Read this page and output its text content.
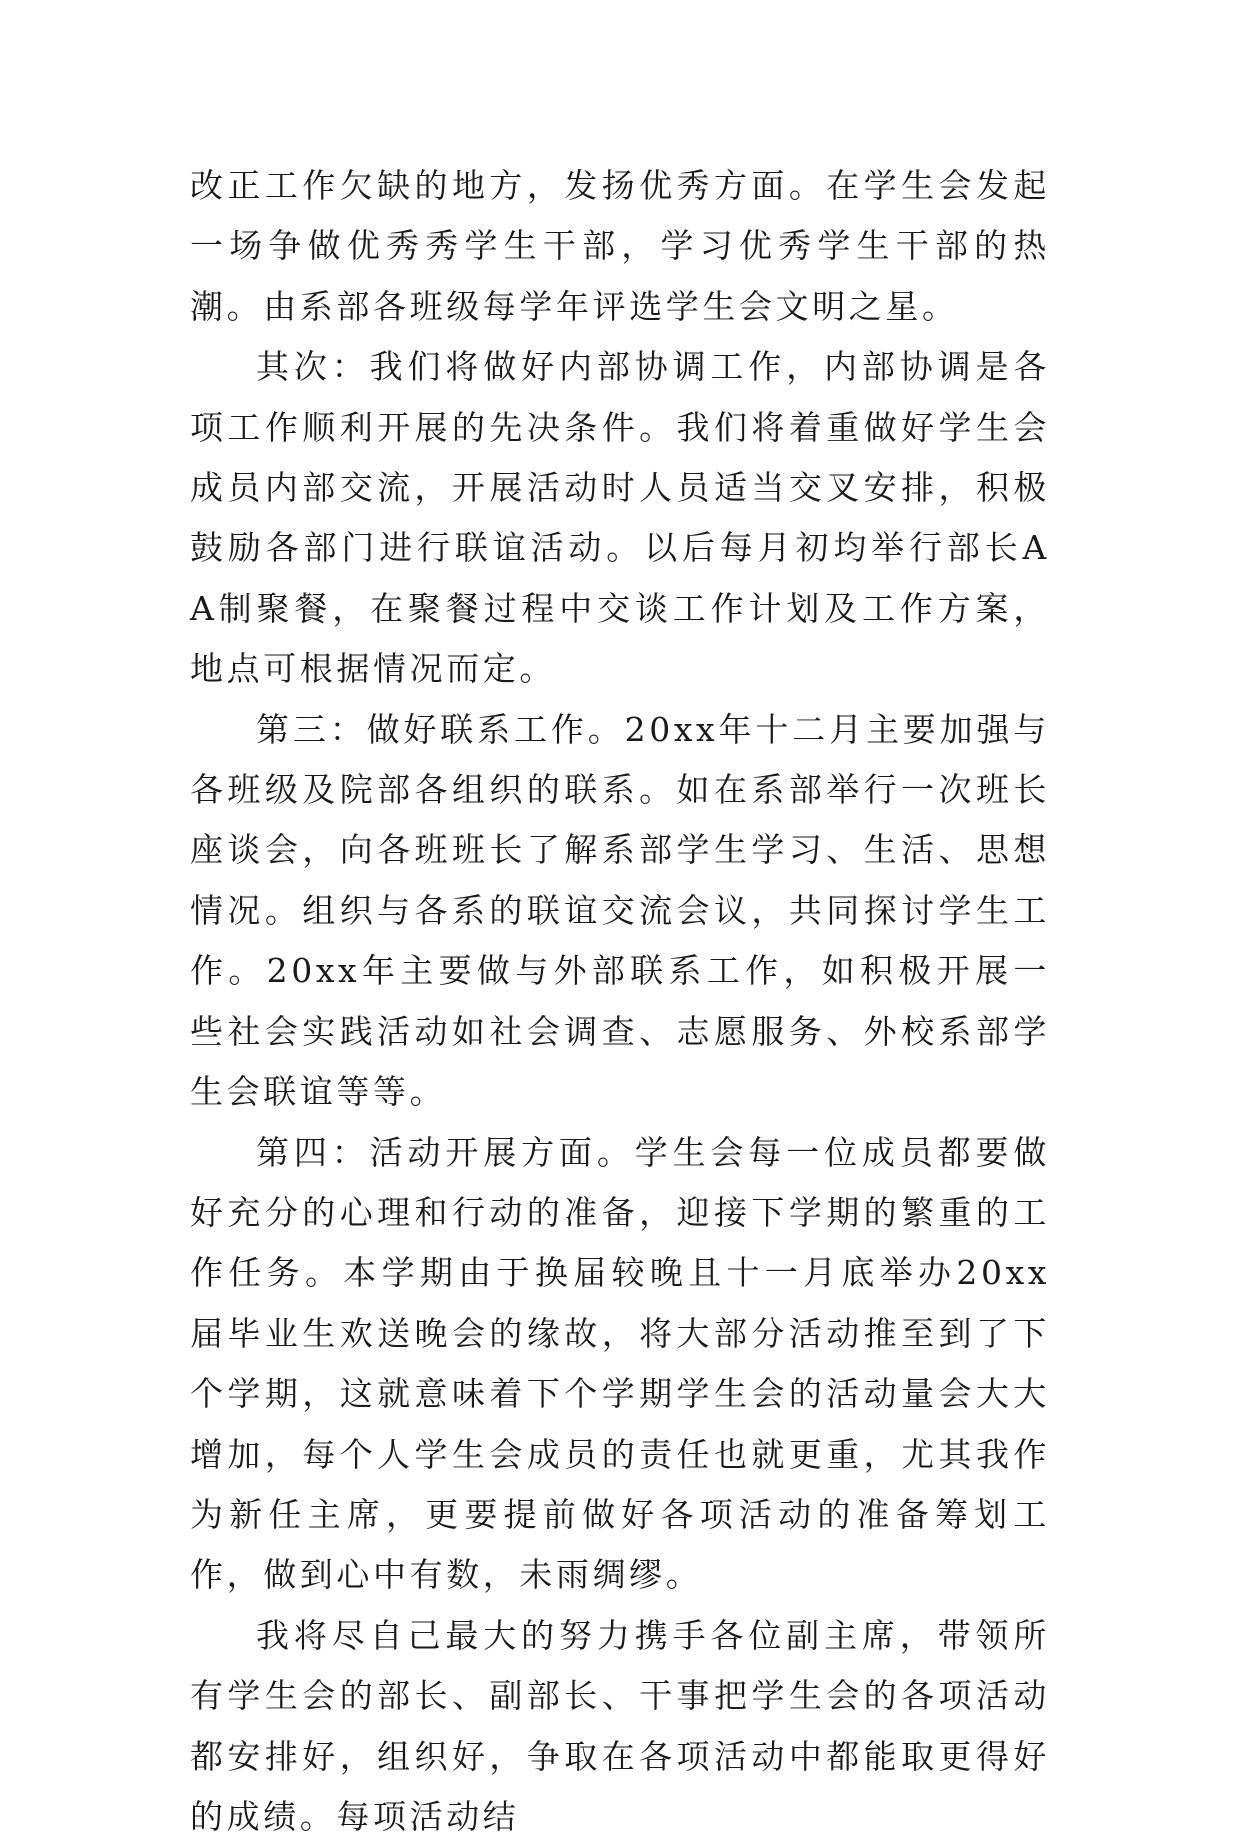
改正工作欠缺的地方，发扬优秀方面。在学生会发起一场争做优秀秀学生干部，学习优秀学生干部的热潮。由系部各班级每学年评选学生会文明之星。

其次：我们将做好内部协调工作，内部协调是各项工作顺利开展的先决条件。我们将着重做好学生会成员内部交流，开展活动时人员适当交叉安排，积极鼓励各部门进行联谊活动。以后每月初均举行部长AA制聚餐，在聚餐过程中交谈工作计划及工作方案，地点可根据情况而定。

第三：做好联系工作。20xx年十二月主要加强与各班级及院部各组织的联系。如在系部举行一次班长座谈会，向各班班长了解系部学生学习、生活、思想情况。组织与各系的联谊交流会议，共同探讨学生工作。20xx年主要做与外部联系工作，如积极开展一些社会实践活动如社会调查、志愿服务、外校系部学生会联谊等等。

第四：活动开展方面。学生会每一位成员都要做好充分的心理和行动的准备，迎接下学期的繁重的工作任务。本学期由于换届较晚且十一月底举办20xx届毕业生欢送晚会的缘故，将大部分活动推至到了下个学期，这就意味着下个学期学生会的活动量会大大增加，每个人学生会成员的责任也就更重，尤其我作为新任主席，更要提前做好各项活动的准备筹划工作，做到心中有数，未雨绸缪。

我将尽自己最大的努力携手各位副主席，带领所有学生会的部长、副部长、干事把学生会的各项活动都安排好，组织好，争取在各项活动中都能取更得好的成绩。每项活动结
